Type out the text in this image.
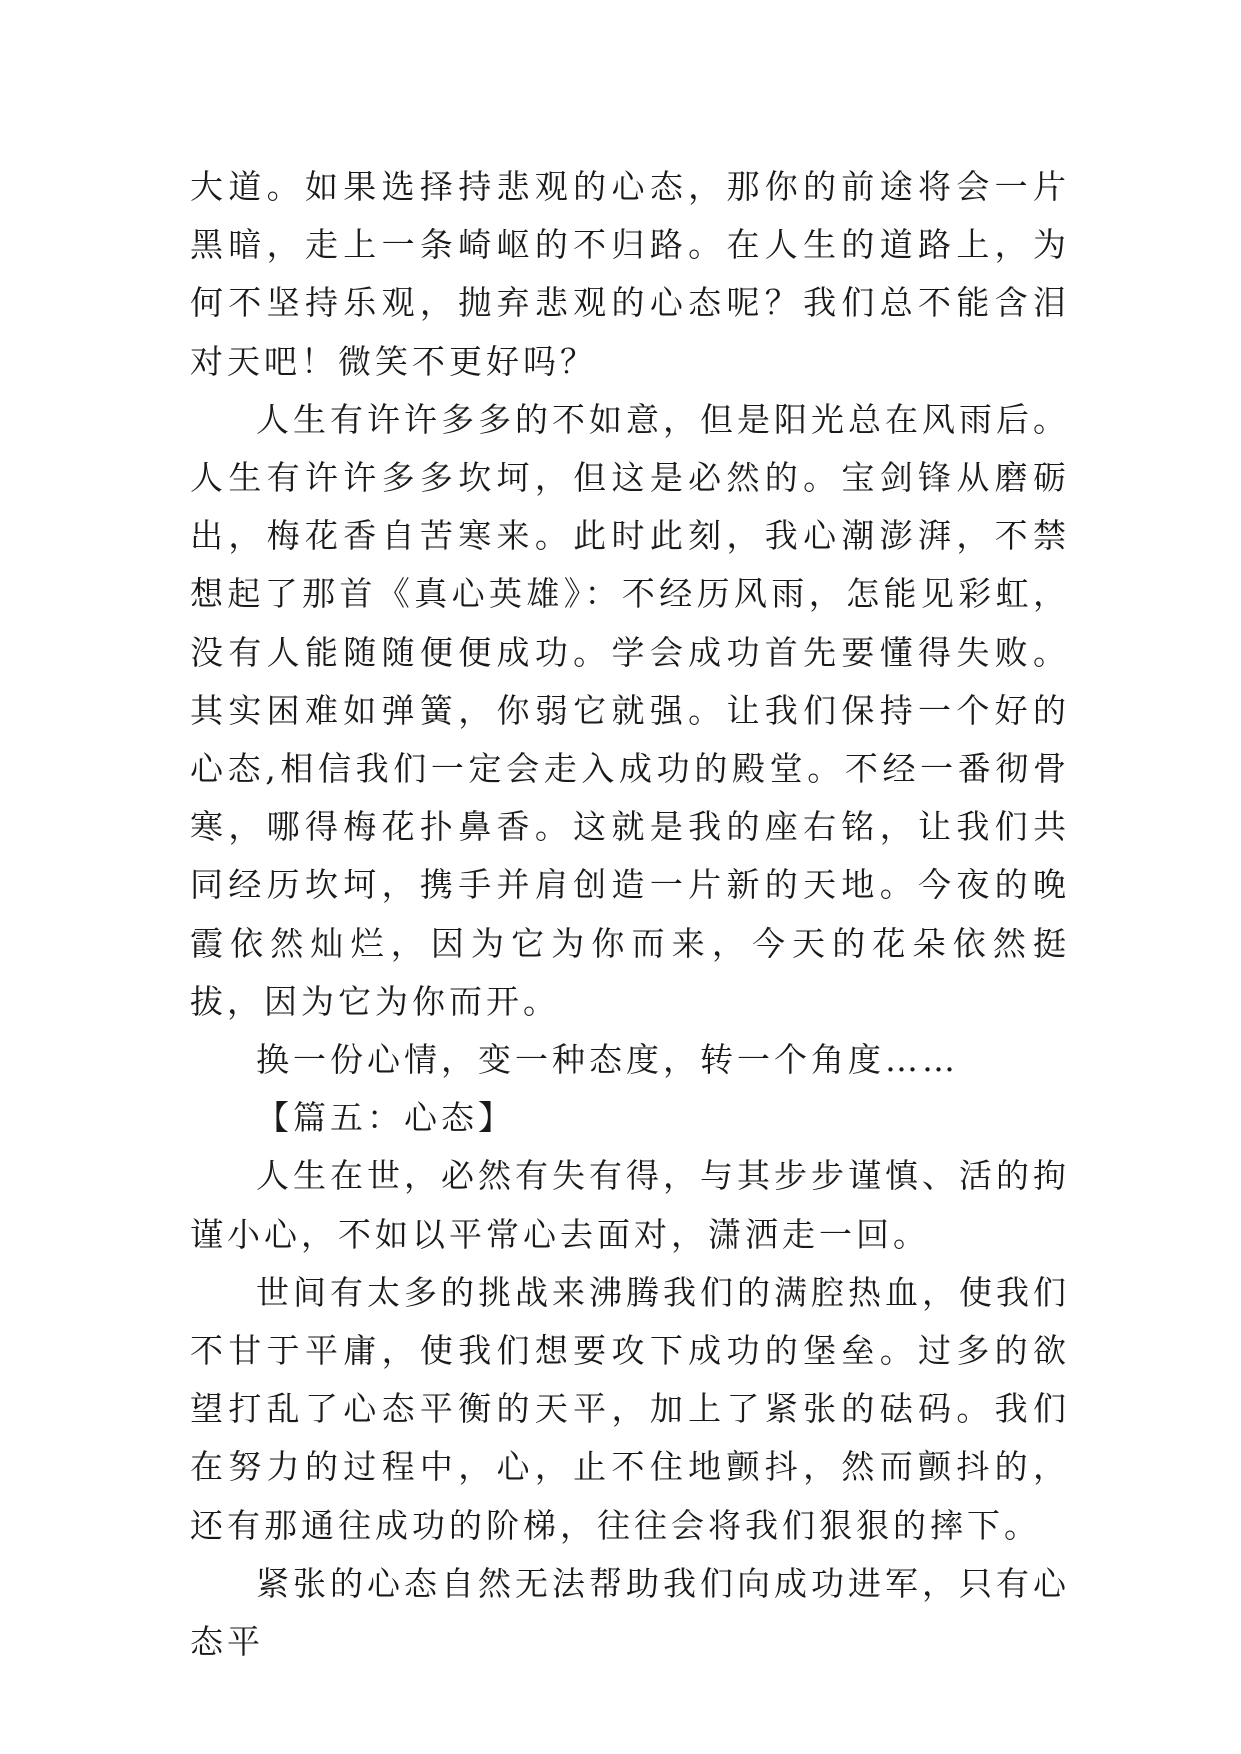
大道。如果选择持悲观的心态，那你的前途将会一片黑暗，走上一条崎岖的不归路。在人生的道路上，为何不坚持乐观，抛弃悲观的心态呢？我们总不能含泪对天吧！微笑不更好吗？

人生有许许多多的不如意，但是阳光总在风雨后。人生有许许多多坎坷，但这是必然的。宝剑锋从磨砺出，梅花香自苦寒来。此时此刻，我心潮澎湃，不禁想起了那首《真心英雄》：不经历风雨，怎能见彩虹，没有人能随随便便成功。学会成功首先要懂得失败。其实困难如弹簧，你弱它就强。让我们保持一个好的心态,相信我们一定会走入成功的殿堂。不经一番彻骨寒，哪得梅花扑鼻香。这就是我的座右铭，让我们共同经历坎坷，携手并肩创造一片新的天地。今夜的晚霞依然灿烂，因为它为你而来，今天的花朵依然挺拔，因为它为你而开。

换一份心情，变一种态度，转一个角度……

【篇五：心态】

人生在世，必然有失有得，与其步步谨慎、活的拘谨小心，不如以平常心去面对，潇洒走一回。

世间有太多的挑战来沸腾我们的满腔热血，使我们不甘于平庸，使我们想要攻下成功的堡垒。过多的欲望打乱了心态平衡的天平，加上了紧张的砝码。我们在努力的过程中，心，止不住地颤抖，然而颤抖的，还有那通往成功的阶梯，往往会将我们狠狠的摔下。

紧张的心态自然无法帮助我们向成功进军，只有心态平
